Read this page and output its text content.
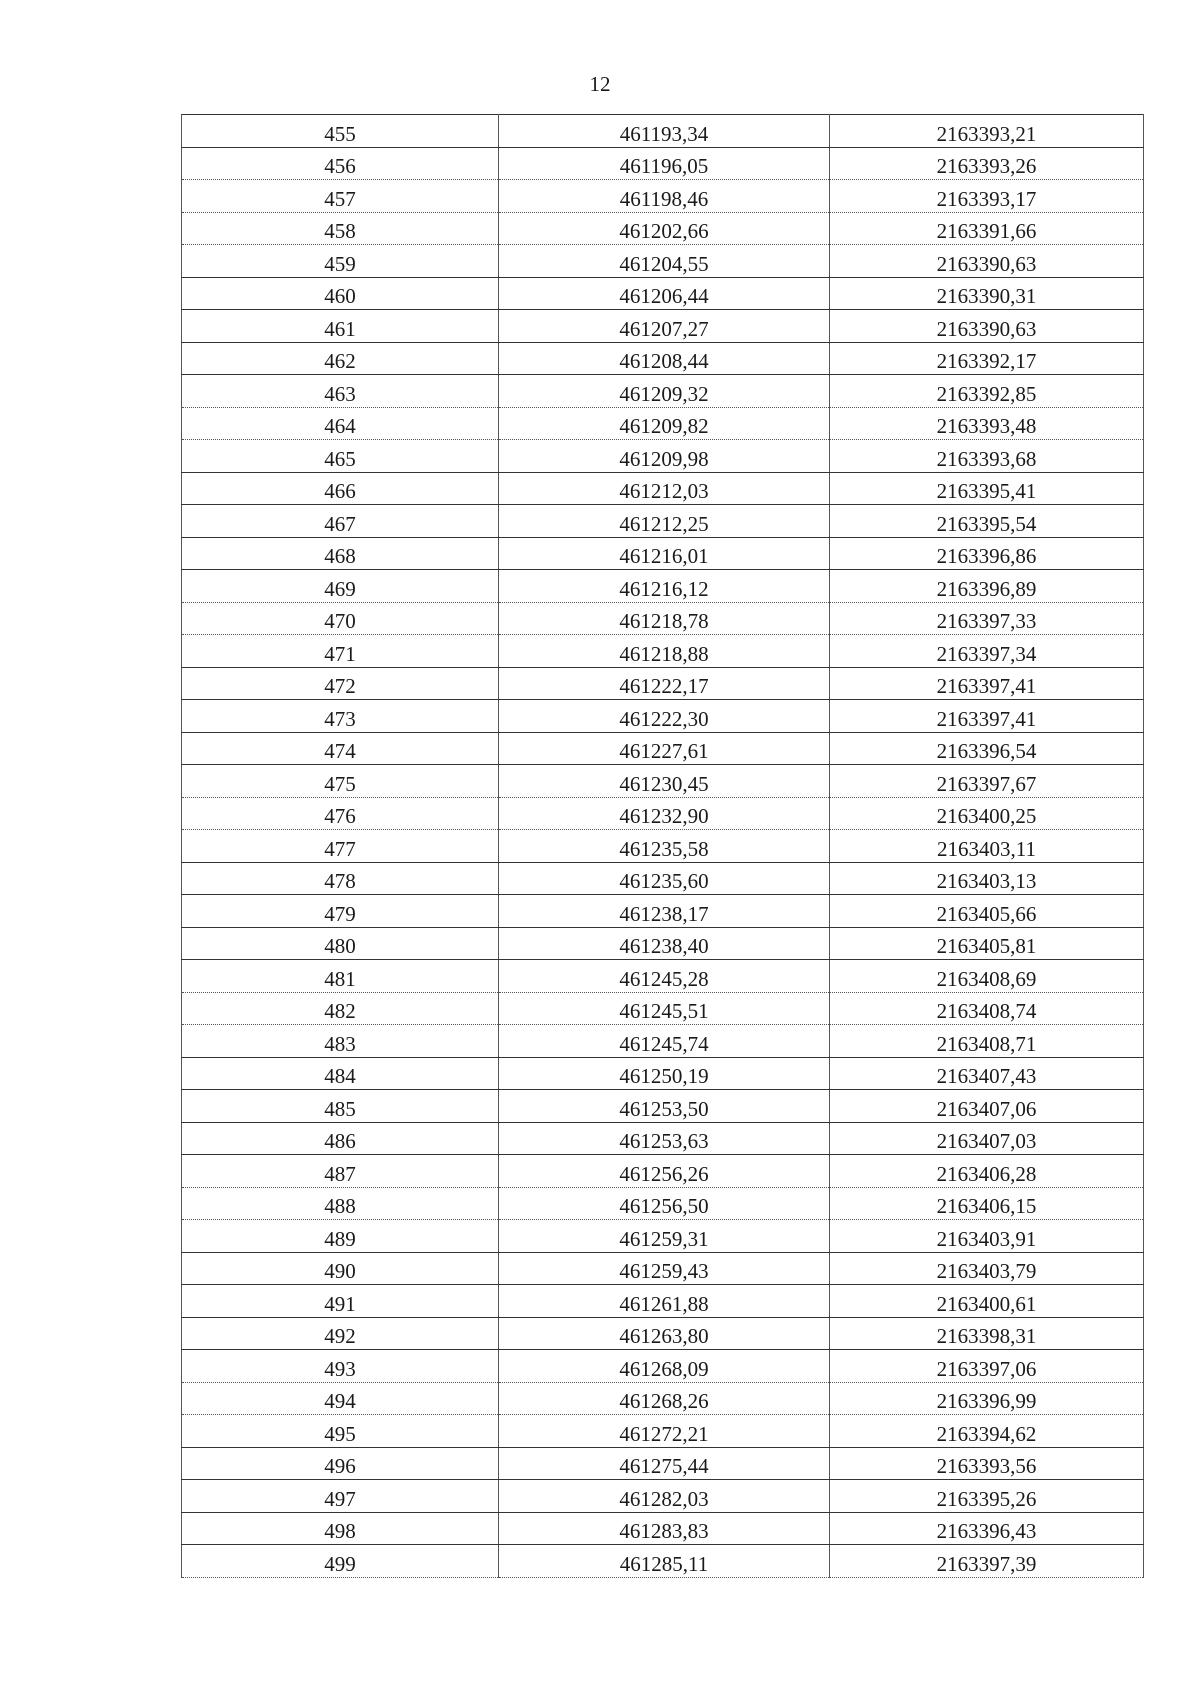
12
455	461193,34	2163393,21
456	461196,05	2163393,26
457	461198,46	2163393,17
458	461202,66	2163391,66
459	461204,55	2163390,63
460	461206,44	2163390,31
461	461207,27	2163390,63
462	461208,44	2163392,17
463	461209,32	2163392,85
464	461209,82	2163393,48
465	461209,98	2163393,68
466	461212,03	2163395,41
467	461212,25	2163395,54
468	461216,01	2163396,86
469	461216,12	2163396,89
470	461218,78	2163397,33
471	461218,88	2163397,34
472	461222,17	2163397,41
473	461222,30	2163397,41
474	461227,61	2163396,54
475	461230,45	2163397,67
476	461232,90	2163400,25
477	461235,58	2163403,11
478	461235,60	2163403,13
479	461238,17	2163405,66
480	461238,40	2163405,81
481	461245,28	2163408,69
482	461245,51	2163408,74
483	461245,74	2163408,71
484	461250,19	2163407,43
485	461253,50	2163407,06
486	461253,63	2163407,03
487	461256,26	2163406,28
488	461256,50	2163406,15
489	461259,31	2163403,91
490	461259,43	2163403,79
491	461261,88	2163400,61
492	461263,80	2163398,31
493	461268,09	2163397,06
494	461268,26	2163396,99
495	461272,21	2163394,62
496	461275,44	2163393,56
497	461282,03	2163395,26
498	461283,83	2163396,43
499	461285,11	2163397,39
